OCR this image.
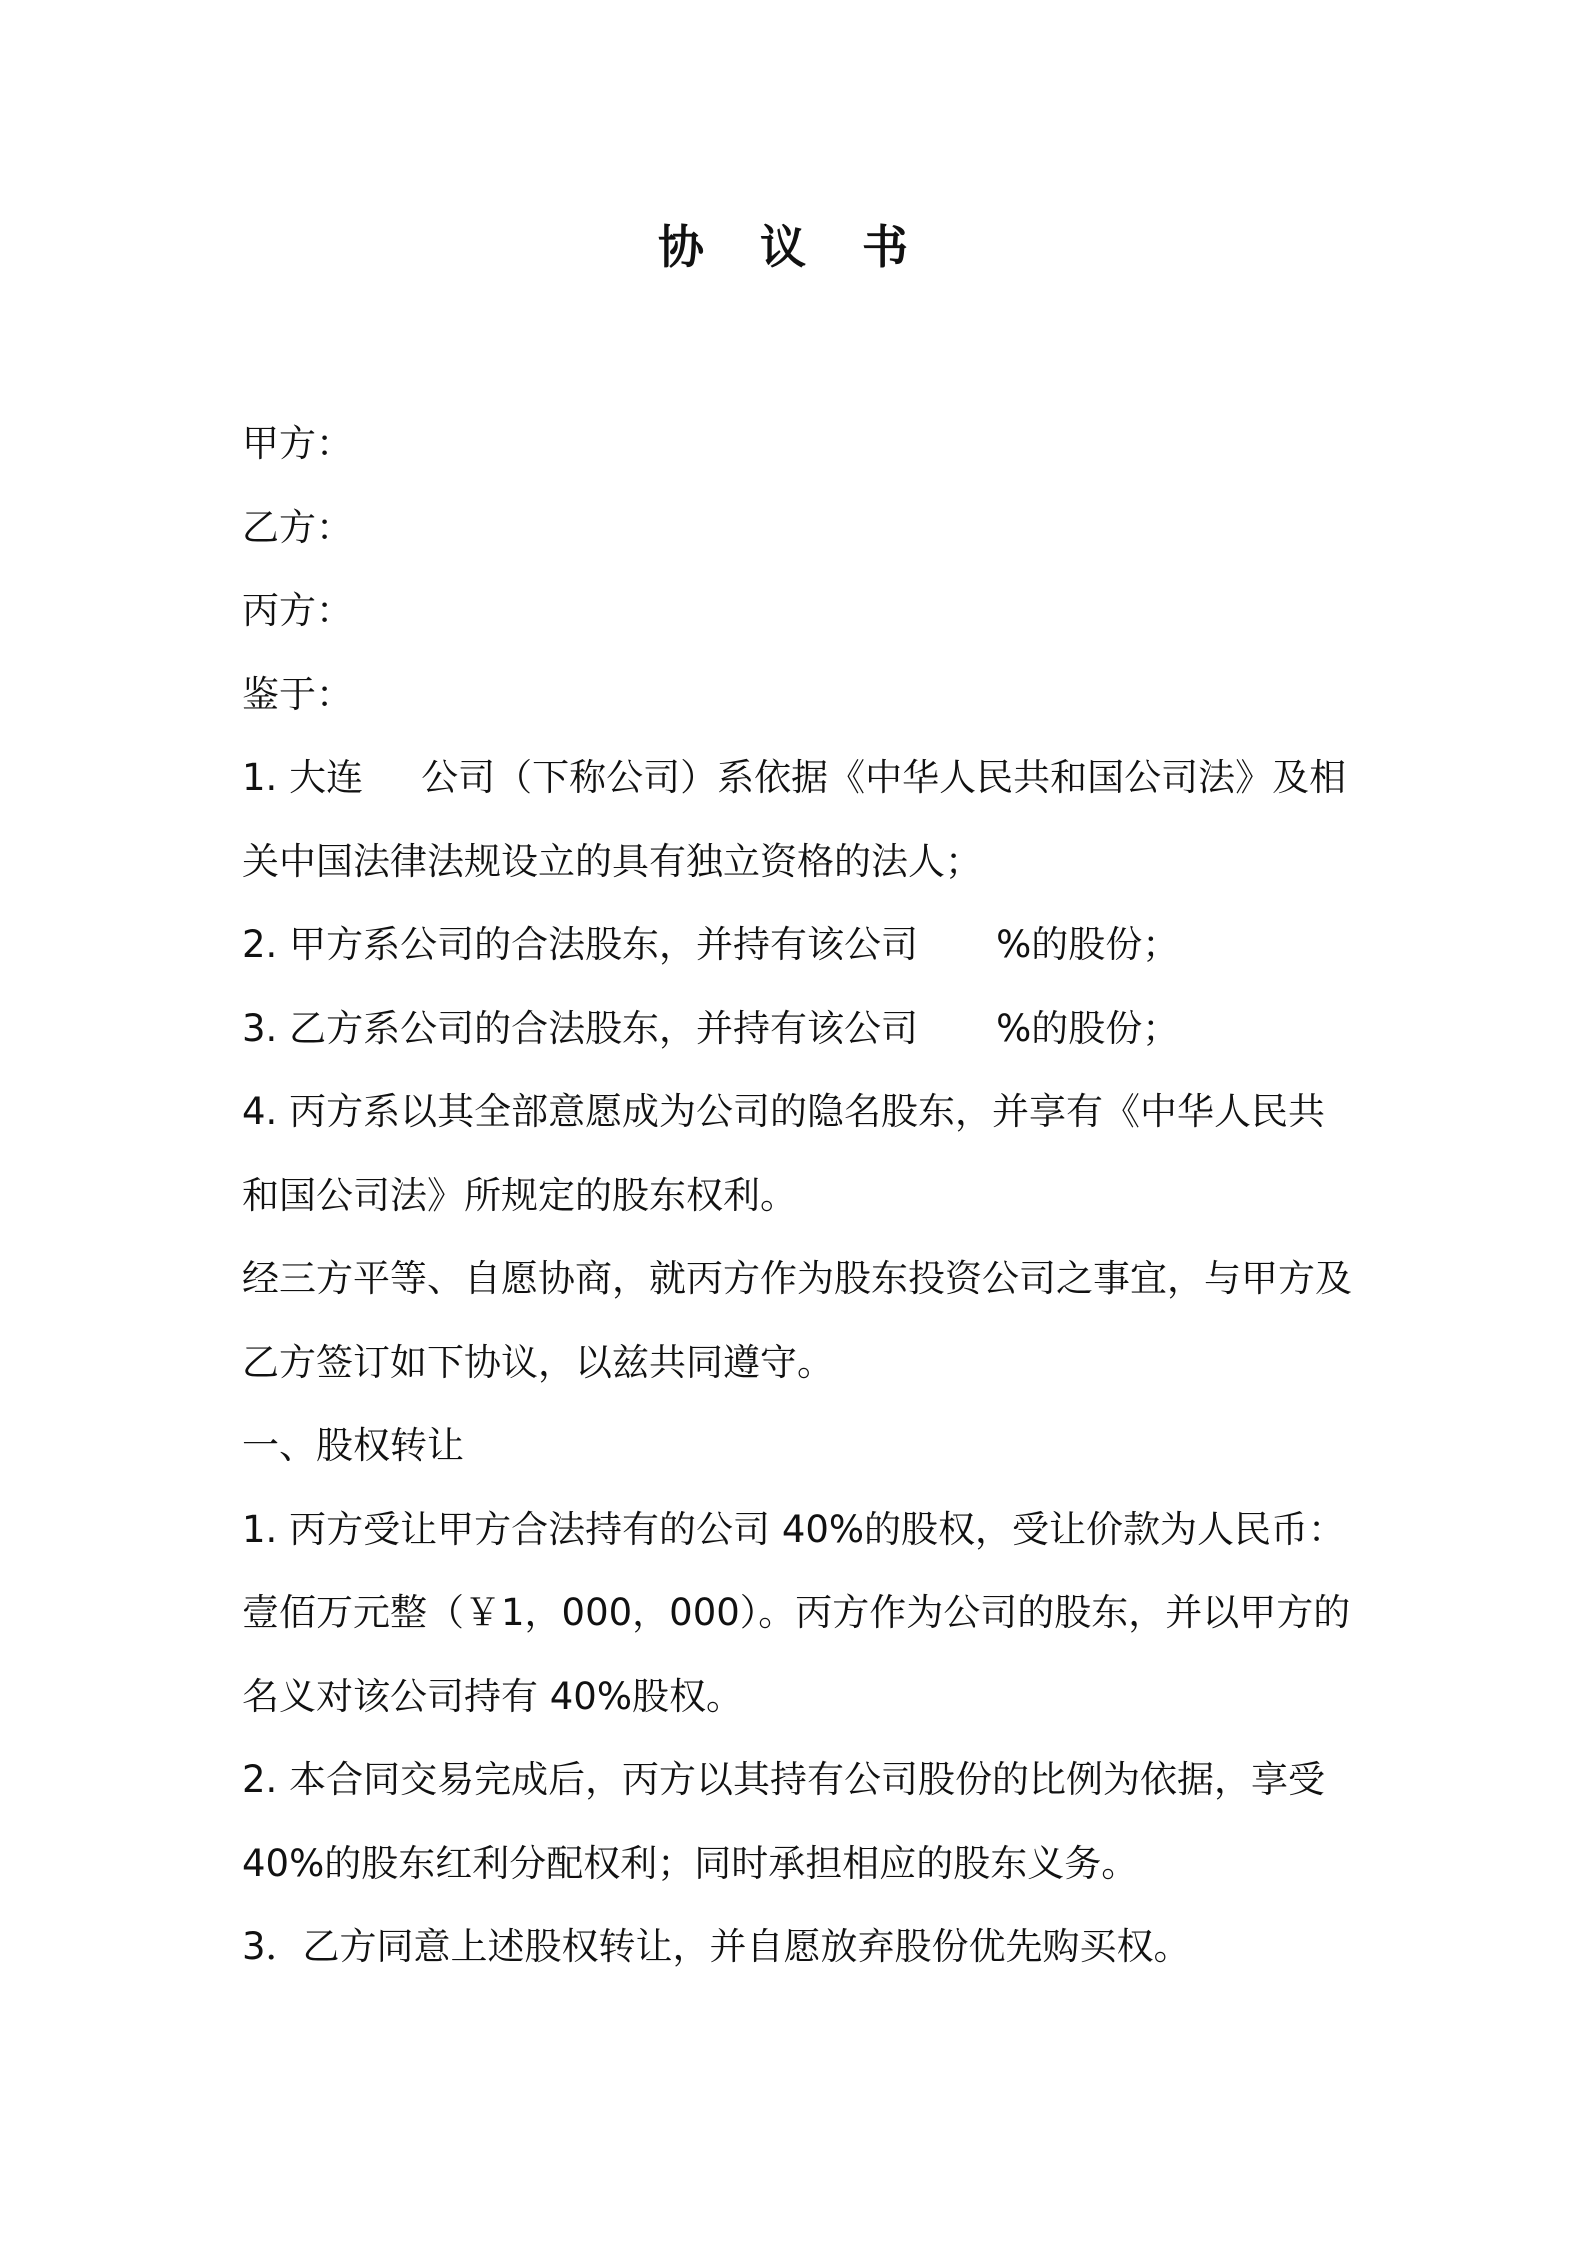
协 议 书

甲方：

乙方：

丙方：

鉴于：

1. 大连 公司（下称公司）系依据《中华人民共和国公司法》及相

关中国法律法规设立的具有独立资格的法人；

2. 甲方系公司的合法股东，并持有该公司 %的股份；

3. 乙方系公司的合法股东，并持有该公司 %的股份；

4. 丙方系以其全部意愿成为公司的隐名股东，并享有《中华人民共

和国公司法》所规定的股东权利。

经三方平等、自愿协商，就丙方作为股东投资公司之事宜，与甲方及

乙方签订如下协议，以兹共同遵守。

一、股权转让

1. 丙方受让甲方合法持有的公司 40%的股权，受让价款为人民币：

壹佰万元整（￥1，000，000）。丙方作为公司的股东，并以甲方的

名义对该公司持有 40%股权。

2. 本合同交易完成后，丙方以其持有公司股份的比例为依据，享受

40%的股东红利分配权利；同时承担相应的股东义务。

3．乙方同意上述股权转让，并自愿放弃股份优先购买权。
